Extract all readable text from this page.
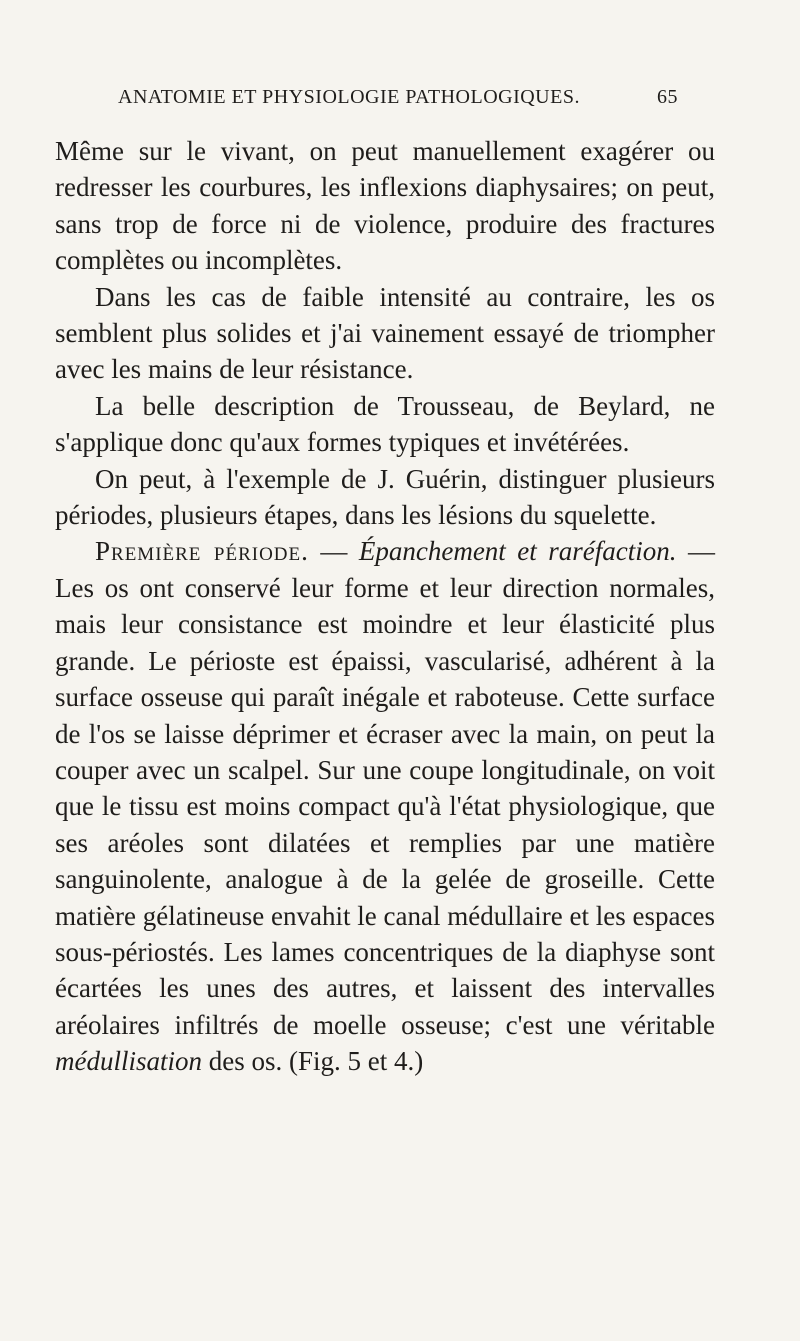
ANATOMIE ET PHYSIOLOGIE PATHOLOGIQUES.	65

Même sur le vivant, on peut manuellement exagérer ou redresser les courbures, les inflexions diaphysaires; on peut, sans trop de force ni de violence, produire des fractures complètes ou incomplètes.

Dans les cas de faible intensité au contraire, les os semblent plus solides et j'ai vainement essayé de triompher avec les mains de leur résistance.

La belle description de Trousseau, de Beylard, ne s'applique donc qu'aux formes typiques et invétérées.

On peut, à l'exemple de J. Guérin, distinguer plusieurs périodes, plusieurs étapes, dans les lésions du squelette.

Première période. — Épanchement et raréfaction. — Les os ont conservé leur forme et leur direction normales, mais leur consistance est moindre et leur élasticité plus grande. Le périoste est épaissi, vascularisé, adhérent à la surface osseuse qui paraît inégale et raboteuse. Cette surface de l'os se laisse déprimer et écraser avec la main, on peut la couper avec un scalpel. Sur une coupe longitudinale, on voit que le tissu est moins compact qu'à l'état physiologique, que ses aréoles sont dilatées et remplies par une matière sanguinolente, analogue à de la gelée de groseille. Cette matière gélatineuse envahit le canal médullaire et les espaces sous-périostés. Les lames concentriques de la diaphyse sont écartées les unes des autres, et laissent des intervalles aréolaires infiltrés de moelle osseuse; c'est une véritable médullisation des os. (Fig. 5 et 4.)
